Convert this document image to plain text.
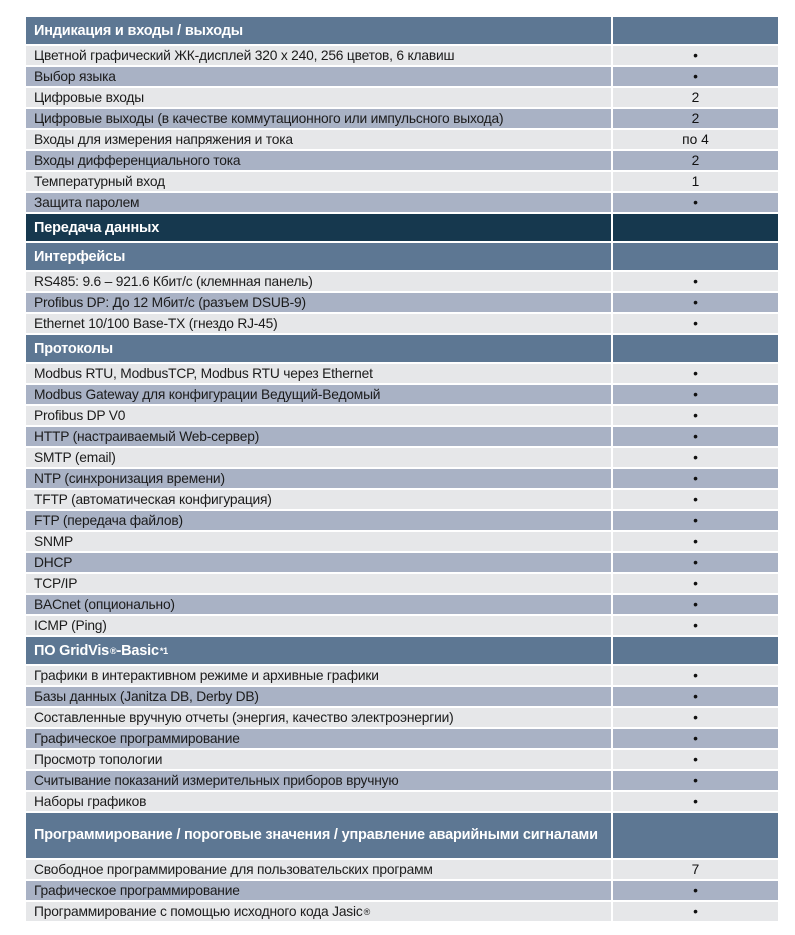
Индикация и входы / выходы
Цветной графический ЖК-дисплей 320 x 240, 256 цветов, 6 клавиш	•
Выбор языка	•
Цифровые входы	2
Цифровые выходы (в качестве коммутационного или импульсного выхода)	2
Входы для измерения напряжения и тока	по 4
Входы дифференциального тока	2
Температурный вход	1
Защита паролем	•
Передача данных
Интерфейсы
RS485: 9.6 – 921.6 Кбит/с (клемнная панель)	•
Profibus DP: До 12 Мбит/с (разъем DSUB-9)	•
Ethernet 10/100 Base-TX (гнездо RJ-45)	•
Протоколы
Modbus RTU, ModbusTCP, Modbus RTU через Ethernet	•
Modbus Gateway для конфигурации Ведущий-Ведомый	•
Profibus DP V0	•
HTTP (настраиваемый Web-сервер)	•
SMTP (email)	•
NTP (синхронизация времени)	•
TFTP (автоматическая конфигурация)	•
FTP (передача файлов)	•
SNMP	•
DHCP	•
TCP/IP	•
BACnet (опционально)	•
ICMP (Ping)	•
ПО GridVis ® -Basic *1
Графики в интерактивном режиме и архивные графики	•
Базы данных (Janitza DB, Derby DB)	•
Составленные вручную отчеты (энергия, качество электроэнергии)	•
Графическое программирование	•
Просмотр топологии	•
Считывание показаний измерительных приборов вручную	•
Наборы графиков	•
Программирование / пороговые значения / управление аварийными сигналами
Свободное программирование для пользовательских программ	7
Графическое программирование	•
Программирование с помощью исходного кода Jasic ®	•
